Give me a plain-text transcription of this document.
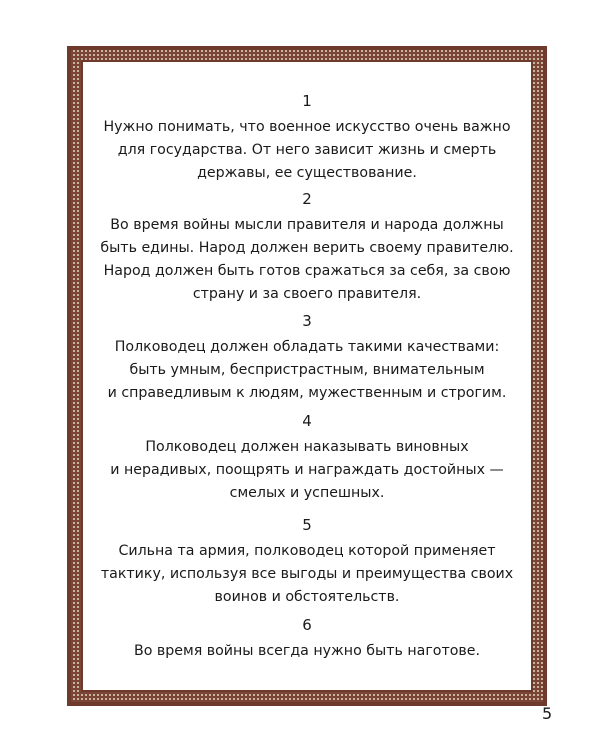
1
Нужно понимать, что военное искусство очень важно
для государства. От него зависит жизнь и смерть
державы, ее существование.
2
Во время войны мысли правителя и народа должны
быть едины. Народ должен верить своему правителю.
Народ должен быть готов сражаться за себя, за свою
страну и за своего правителя.
3
Полководец должен обладать такими качествами:
быть умным, беспристрастным, внимательным
и справедливым к людям, мужественным и строгим.
4
Полководец должен наказывать виновных
и нерадивых, поощрять и награждать достойных —
смелых и успешных.
5
Сильна та армия, полководец которой применяет
тактику, используя все выгоды и преимущества своих
воинов и обстоятельств.
6
Во время войны всегда нужно быть наготове.
5
